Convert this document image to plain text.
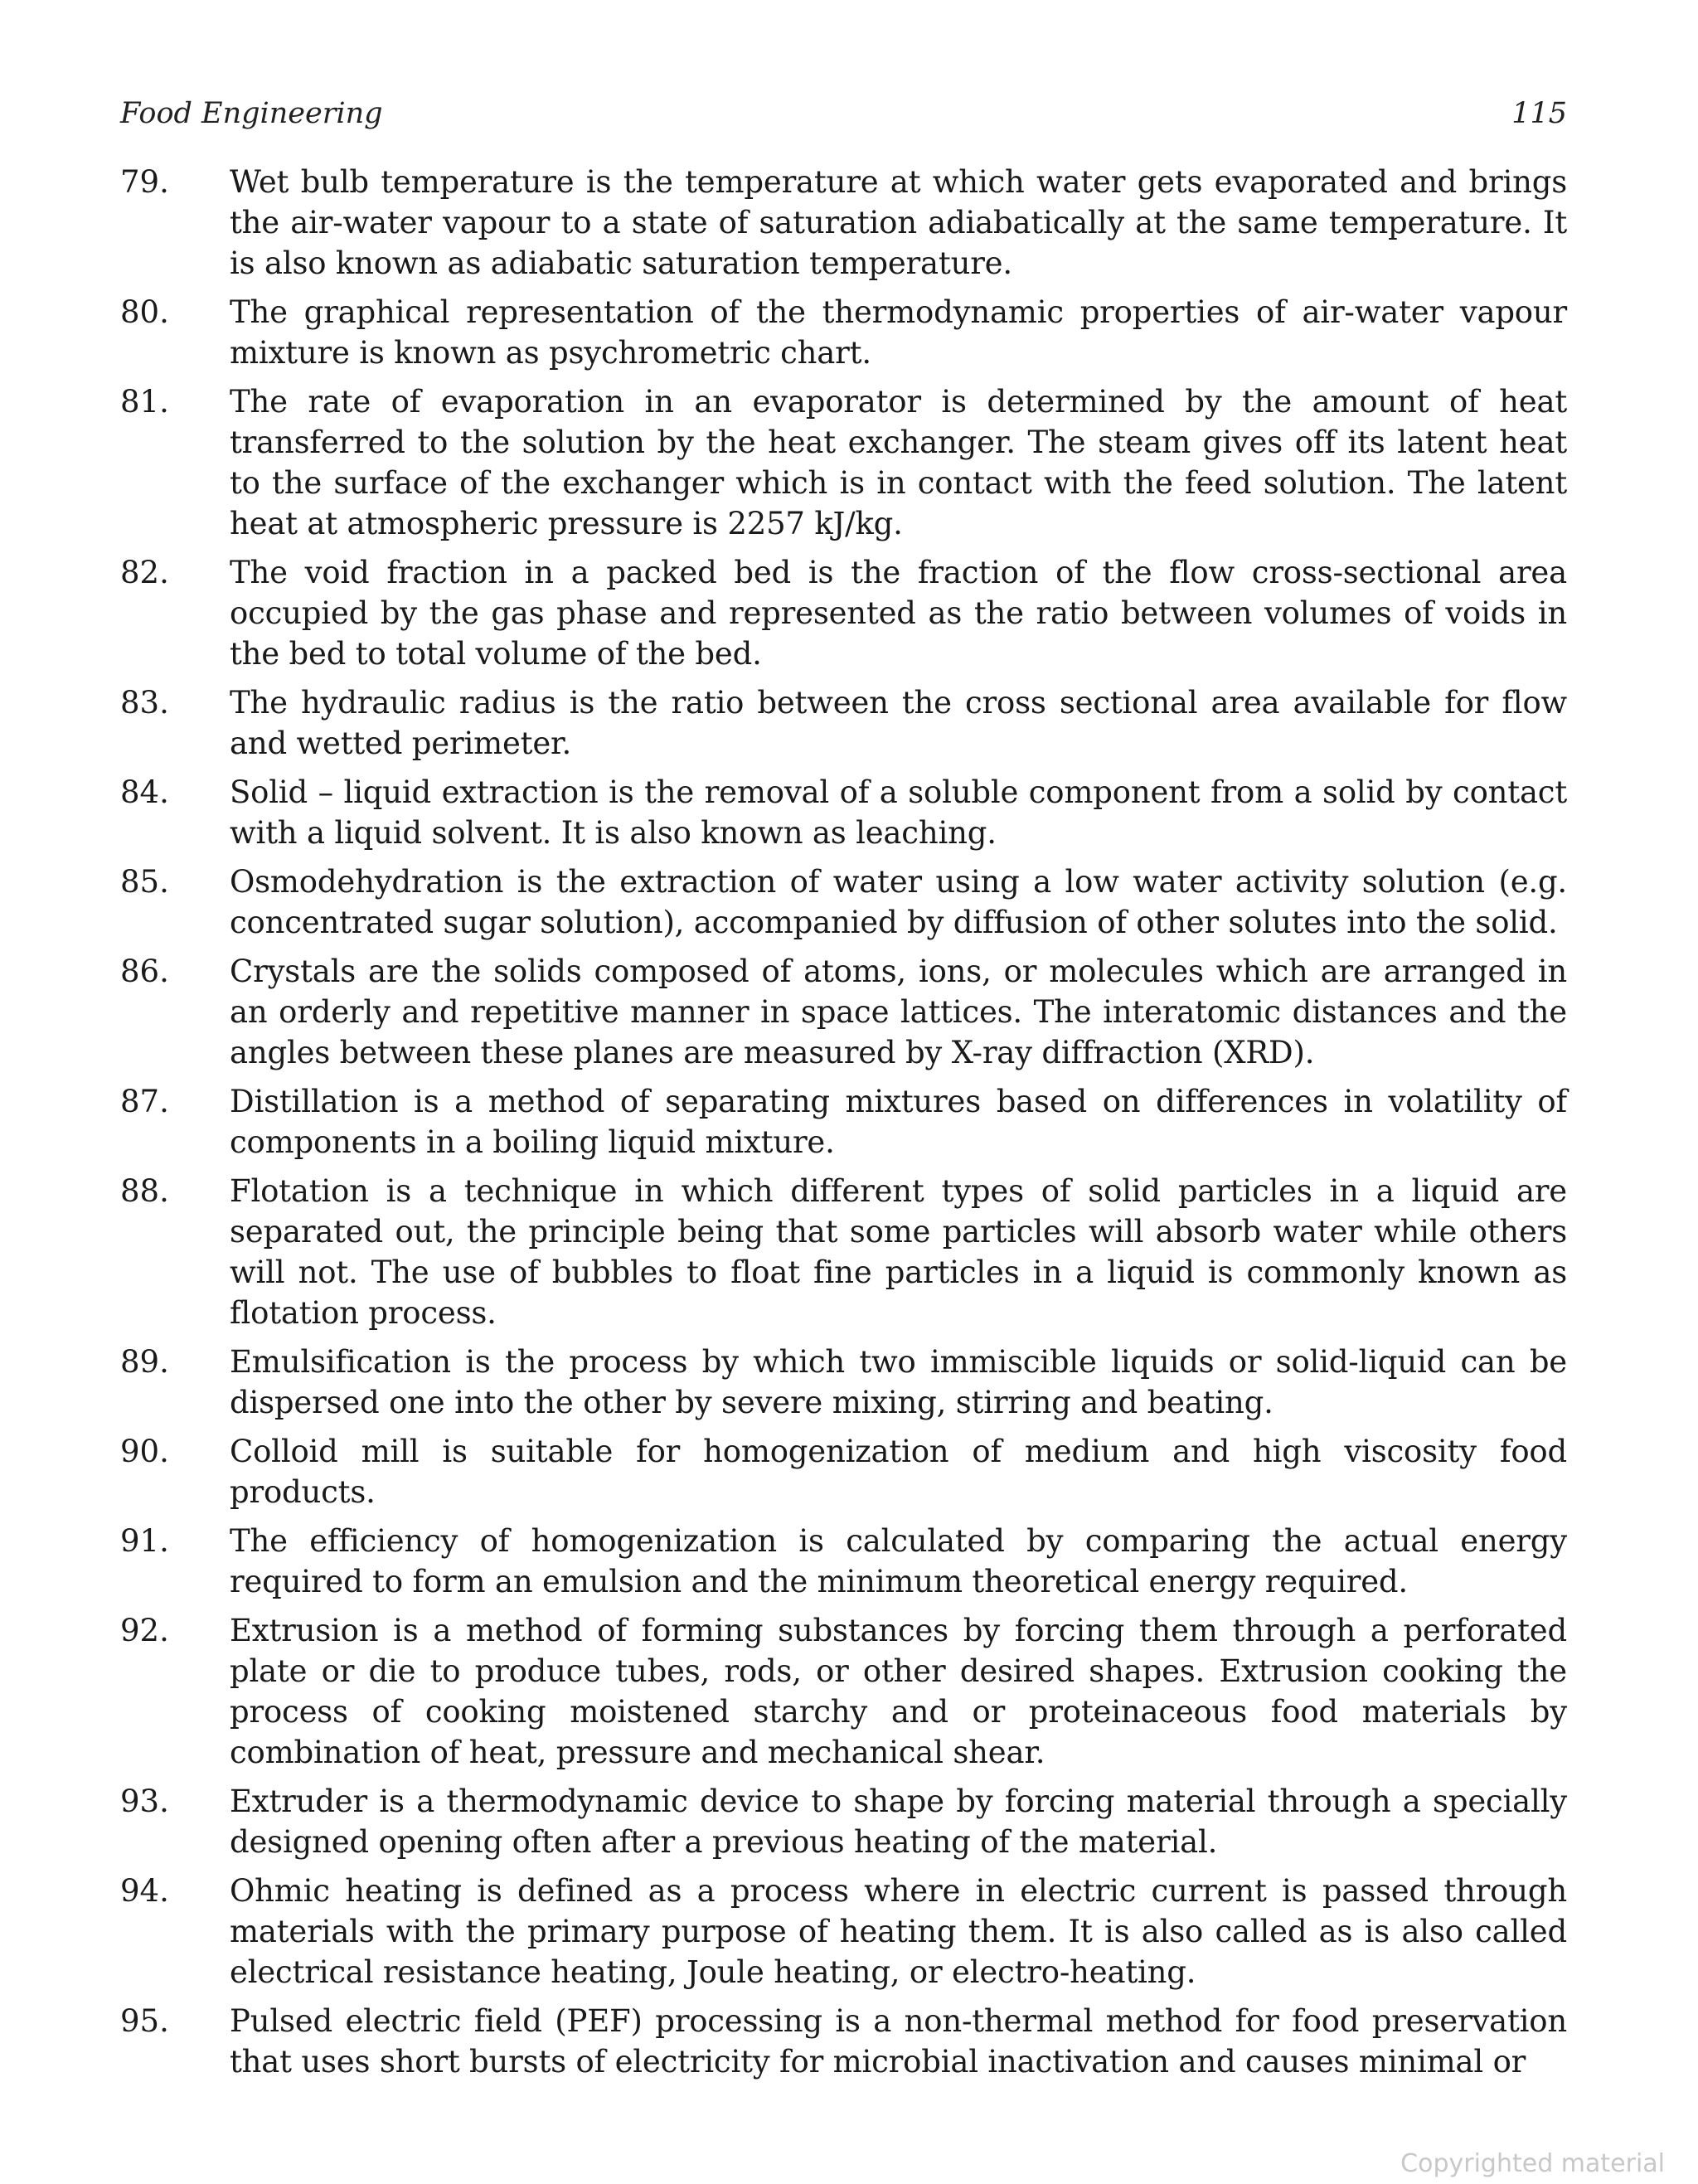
Food Engineering	115
79. Wet bulb temperature is the temperature at which water gets evaporated and brings the air-water vapour to a state of saturation adiabatically at the same temperature. It is also known as adiabatic saturation temperature.
80. The graphical representation of the thermodynamic properties of air-water vapour mixture is known as psychrometric chart.
81. The rate of evaporation in an evaporator is determined by the amount of heat transferred to the solution by the heat exchanger. The steam gives off its latent heat to the surface of the exchanger which is in contact with the feed solution. The latent heat at atmospheric pressure is 2257 kJ/kg.
82. The void fraction in a packed bed is the fraction of the flow cross-sectional area occupied by the gas phase and represented as the ratio between volumes of voids in the bed to total volume of the bed.
83. The hydraulic radius is the ratio between the cross sectional area available for flow and wetted perimeter.
84. Solid – liquid extraction is the removal of a soluble component from a solid by contact with a liquid solvent. It is also known as leaching.
85. Osmodehydration is the extraction of water using a low water activity solution (e.g. concentrated sugar solution), accompanied by diffusion of other solutes into the solid.
86. Crystals are the solids composed of atoms, ions, or molecules which are arranged in an orderly and repetitive manner in space lattices. The interatomic distances and the angles between these planes are measured by X-ray diffraction (XRD).
87. Distillation is a method of separating mixtures based on differences in volatility of components in a boiling liquid mixture.
88. Flotation is a technique in which different types of solid particles in a liquid are separated out, the principle being that some particles will absorb water while others will not. The use of bubbles to float fine particles in a liquid is commonly known as flotation process.
89. Emulsification is the process by which two immiscible liquids or solid-liquid can be dispersed one into the other by severe mixing, stirring and beating.
90. Colloid mill is suitable for homogenization of medium and high viscosity food products.
91. The efficiency of homogenization is calculated by comparing the actual energy required to form an emulsion and the minimum theoretical energy required.
92. Extrusion is a method of forming substances by forcing them through a perforated plate or die to produce tubes, rods, or other desired shapes. Extrusion cooking the process of cooking moistened starchy and or proteinaceous food materials by combination of heat, pressure and mechanical shear.
93. Extruder is a thermodynamic device to shape by forcing material through a specially designed opening often after a previous heating of the material.
94. Ohmic heating is defined as a process where in electric current is passed through materials with the primary purpose of heating them. It is also called as is also called electrical resistance heating, Joule heating, or electro-heating.
95. Pulsed electric field (PEF) processing is a non-thermal method for food preservation that uses short bursts of electricity for microbial inactivation and causes minimal or
Copyrighted material
